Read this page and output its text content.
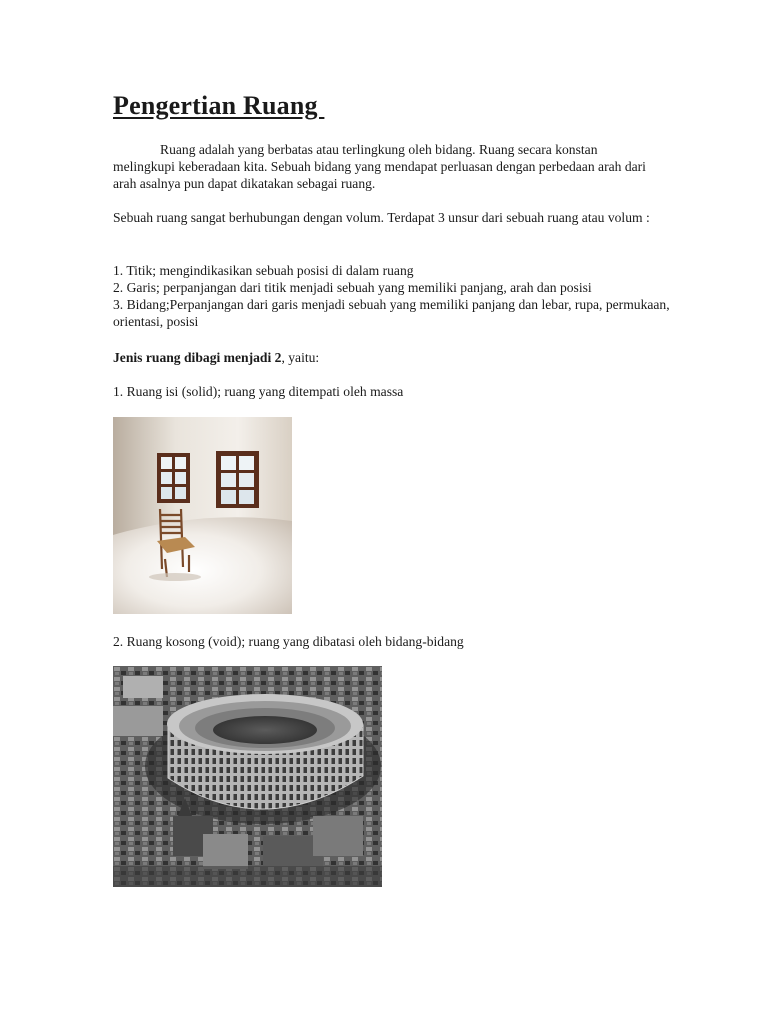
Pengertian Ruang

Ruang adalah yang berbatas atau terlingkung oleh bidang. Ruang secara konstan melingkupi keberadaan kita. Sebuah bidang yang mendapat perluasan dengan perbedaan arah dari arah asalnya pun dapat dikatakan sebagai ruang.

Sebuah ruang sangat berhubungan dengan volum. Terdapat 3 unsur dari sebuah ruang atau volum :

1. Titik; mengindikasikan sebuah posisi di dalam ruang
2. Garis; perpanjangan dari titik menjadi sebuah yang memiliki panjang, arah dan posisi
3. Bidang;Perpanjangan dari garis menjadi sebuah yang memiliki panjang dan lebar, rupa, permukaan, orientasi, posisi

Jenis ruang dibagi menjadi 2, yaitu:

1. Ruang isi (solid); ruang yang ditempati oleh massa

2. Ruang kosong (void); ruang yang dibatasi oleh bidang-bidang
